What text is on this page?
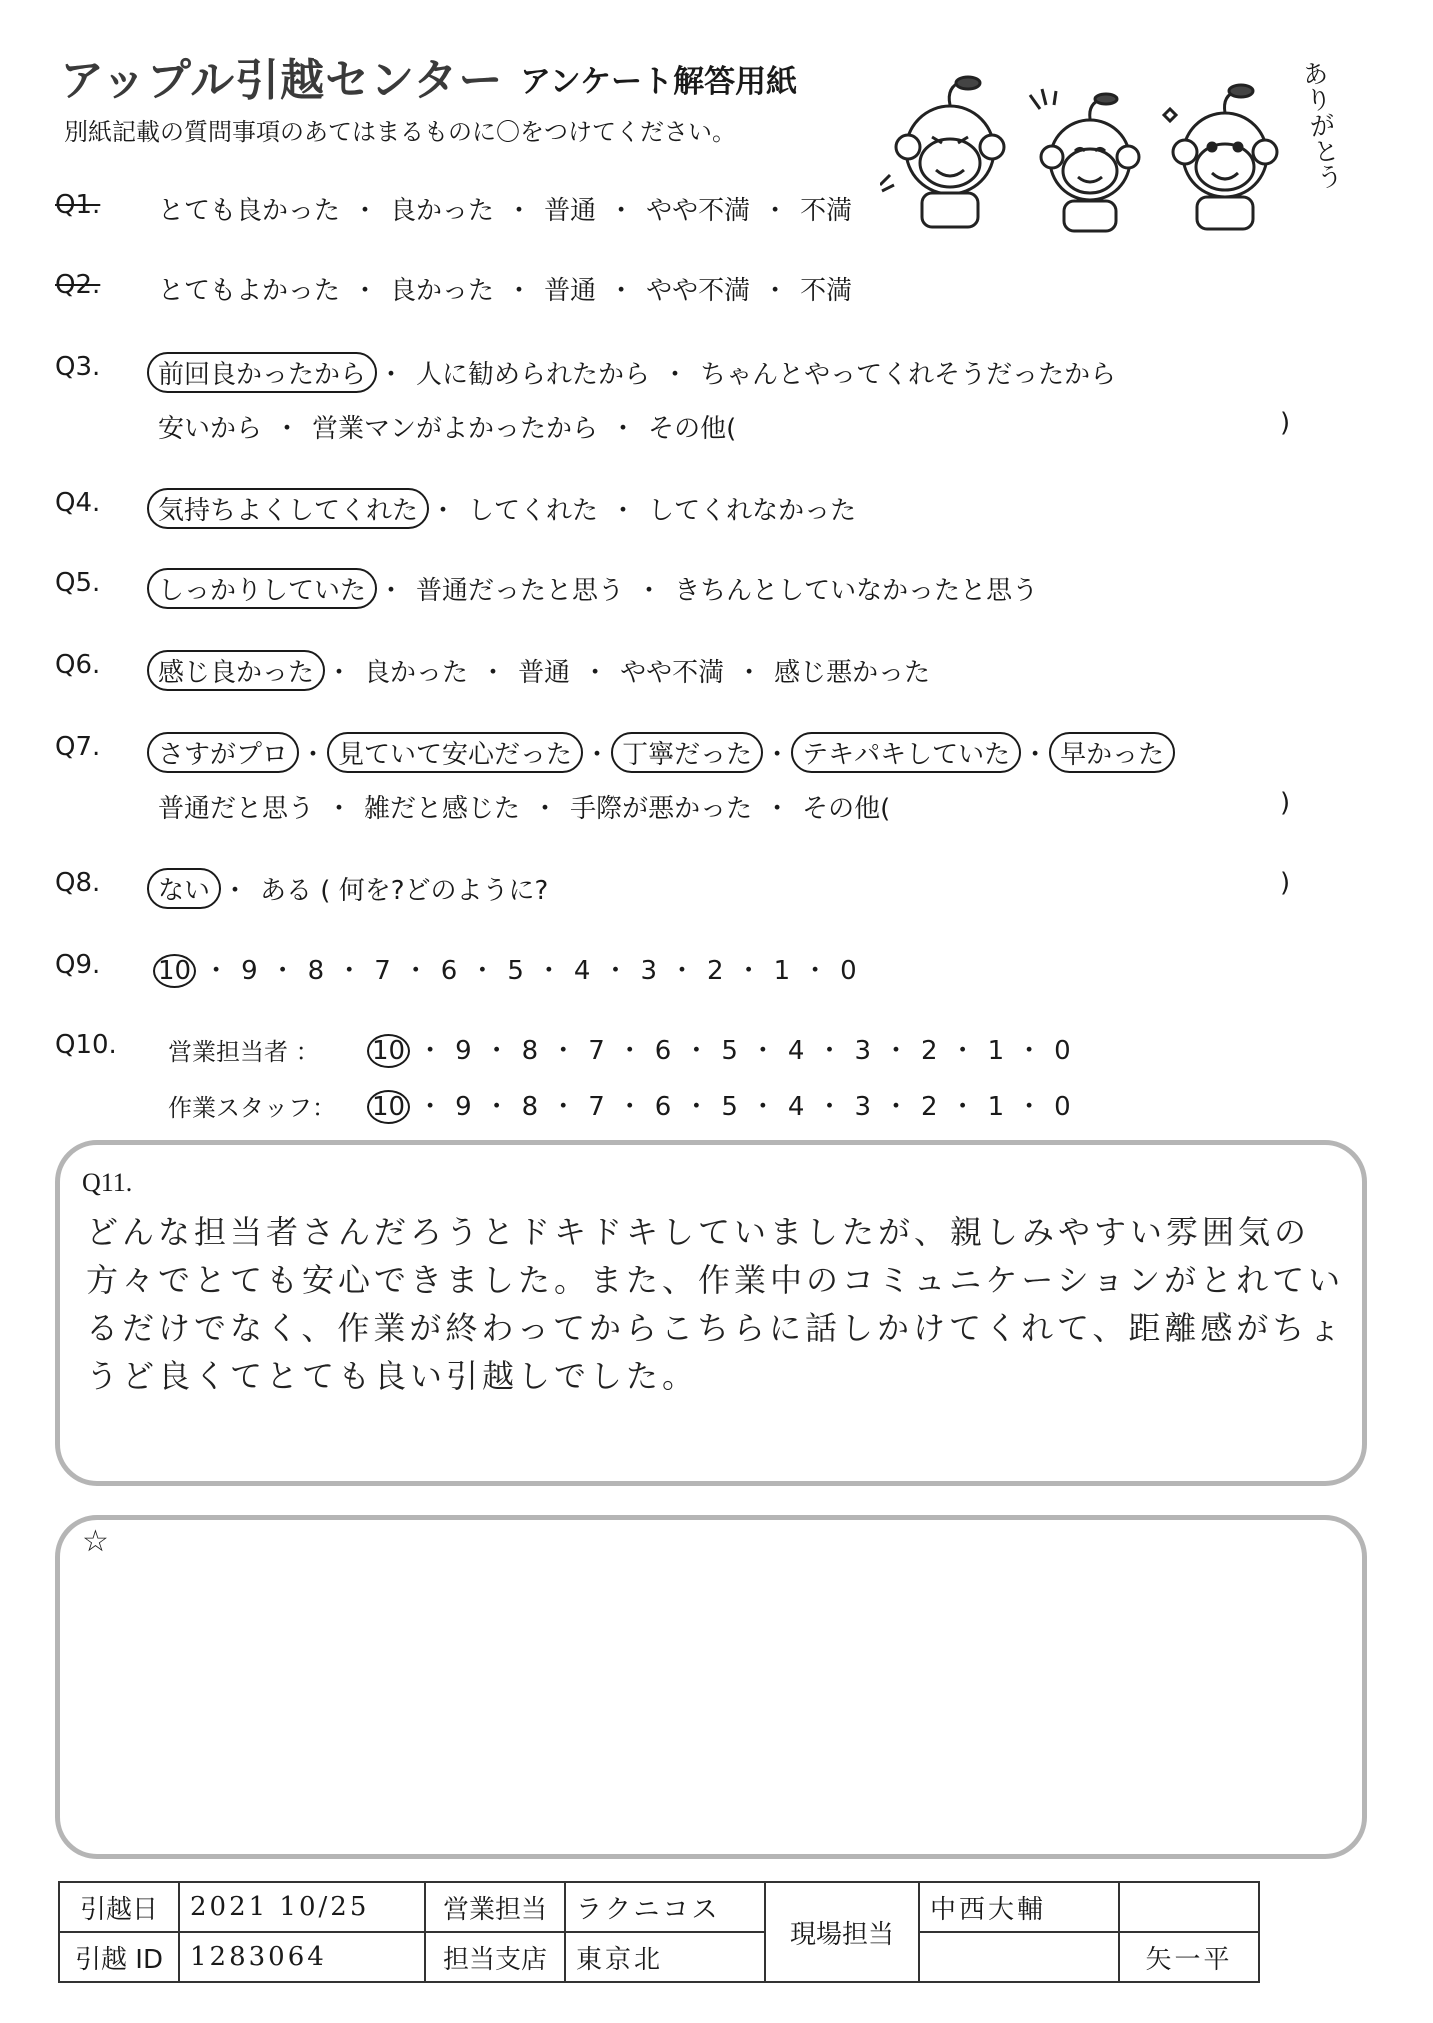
アップル引越センター アンケート解答用紙
別紙記載の質問事項のあてはまるものに〇をつけてください。	ありがとう
Q1. とても良かった ・ 良かった ・ 普通 ・ やや不満 ・ 不満
Q2. とてもよかった ・ 良かった ・ 普通 ・ やや不満 ・ 不満
Q3. 前回良かったから ・ 人に勧められたから ・ ちゃんとやってくれそうだったから
安いから ・ 営業マンがよかったから ・ その他(	)
Q4. 気持ちよくしてくれた ・ してくれた ・ してくれなかった
Q5. しっかりしていた ・ 普通だったと思う ・ きちんとしていなかったと思う
Q6. 感じ良かった ・ 良かった ・ 普通 ・ やや不満 ・ 感じ悪かった
Q7. さすがプロ ・ 見ていて安心だった ・ 丁寧だった ・ テキパキしていた ・ 早かった
普通だと思う ・ 雑だと感じた ・ 手際が悪かった ・ その他(	)
Q8. ない ・ ある ( 何を?どのように?	)
Q9. 10 ・ 9 ・ 8 ・ 7 ・ 6 ・ 5 ・ 4 ・ 3 ・ 2 ・ 1 ・ 0
Q10. 営業担当者 ： 10 ・ 9 ・ 8 ・ 7 ・ 6 ・ 5 ・ 4 ・ 3 ・ 2 ・ 1 ・ 0
作業スタッフ： 10 ・ 9 ・ 8 ・ 7 ・ 6 ・ 5 ・ 4 ・ 3 ・ 2 ・ 1 ・ 0
Q11.
どんな担当者さんだろうとドキドキしていましたが、親しみやすい雰囲気の方々でとても安心できました。また、作業中のコミュニケーションがとれているだけでなく、作業が終わってからこちらに話しかけてくれて、距離感がちょうど良くてとても良い引越しでした。
☆
引越日	2021 10/25	営業担当	ラクニコス	現場担当	中西大輔	
引越 ID	1283064	担当支店	東京北			矢一平
